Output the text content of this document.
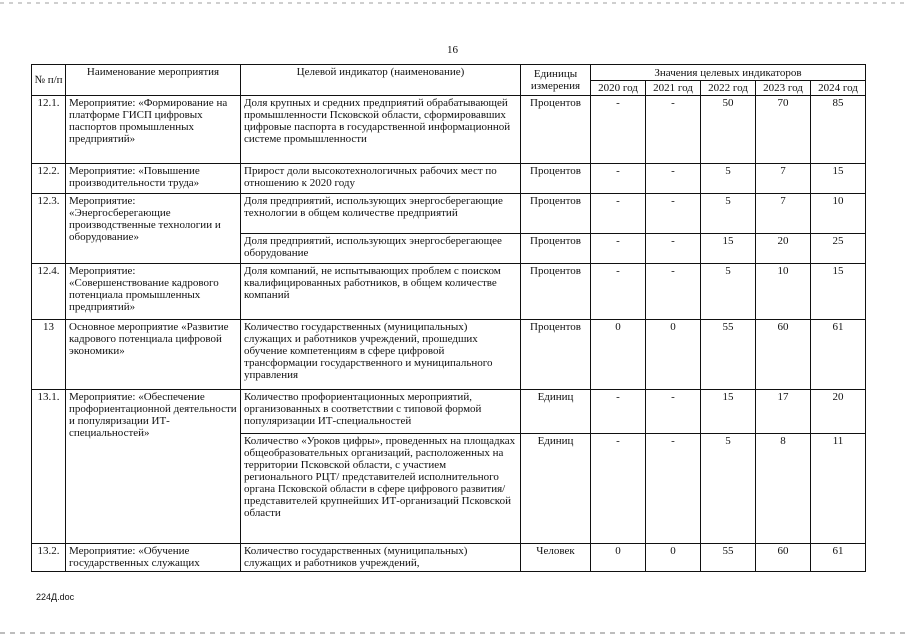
16
№ п/п	Наименование мероприятия	Целевой индикатор (наименование)	Единицы измерения	Значения целевых индикаторов				
				2020 год	2021 год	2022 год	2023 год	2024 год
12.1.	Мероприятие: «Формирование на платформе ГИСП цифровых паспортов промышленных предприятий»	Доля крупных и средних предприятий обрабатывающей промышленности Псковской области, сформировавших цифровые паспорта в государственной информационной системе промышленности	Процентов	-	-	50	70	85
12.2.	Мероприятие: «Повышение производительности труда»	Прирост доли высокотехнологичных рабочих мест по отношению к 2020 году	Процентов	-	-	5	7	15
12.3.	Мероприятие: «Энергосберегающие производственные технологии и оборудование»	Доля предприятий, использующих энергосберегающие технологии в общем количестве предприятий	Процентов	-	-	5	7	10
		Доля предприятий, использующих энергосберегающее оборудование	Процентов	-	-	15	20	25
12.4.	Мероприятие: «Совершенствование кадрового потенциала промышленных предприятий»	Доля компаний, не испытывающих проблем с поиском квалифицированных работников, в общем количестве компаний	Процентов	-	-	5	10	15
13	Основное мероприятие «Развитие кадрового потенциала цифровой экономики»	Количество государственных (муниципальных) служащих и работников учреждений, прошедших обучение компетенциям в сфере цифровой трансформации государственного и муниципального управления	Процентов	0	0	55	60	61
13.1.	Мероприятие: «Обеспечение профориентационной деятельности и популяризации ИТ-специальностей»	Количество профориентационных мероприятий, организованных в соответствии с типовой формой популяризации ИТ-специальностей	Единиц	-	-	15	17	20
		Количество «Уроков цифры», проведенных на площадках общеобразовательных организаций, расположенных на территории Псковской области, с участием регионального РЦТ/ представителей исполнительного органа Псковской области в сфере цифрового развития/ представителей крупнейших ИТ-организаций Псковской области	Единиц	-	-	5	8	11
13.2.	Мероприятие: «Обучение государственных служащих	Количество государственных (муниципальных) служащих и работников учреждений,	Человек	0	0	55	60	61
224Д.doc
